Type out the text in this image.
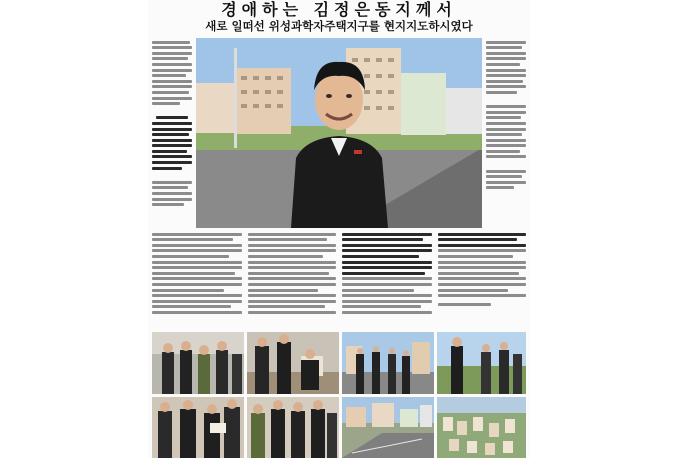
경애하는 김정은동지께서
새로 일떠선 위성과학자주택지구를 현지지도하시였다
